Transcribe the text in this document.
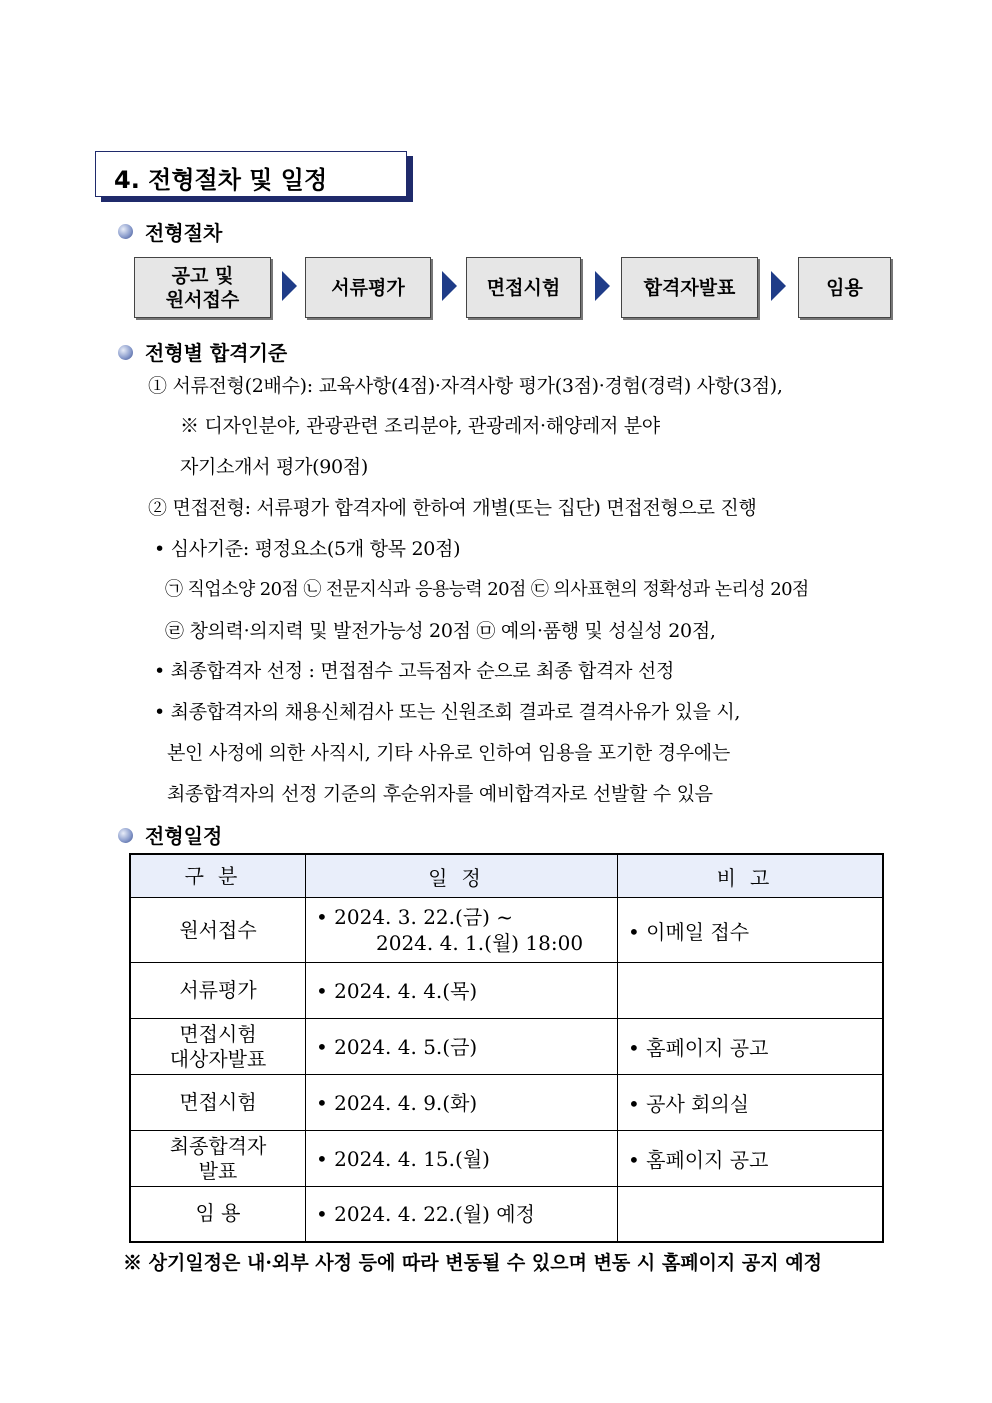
4. 전형절차 및 일정
전형절차
공고 및
원서접수
서류평가	면접시험	합격자발표	임용
전형별 합격기준
① 서류전형(2배수): 교육사항(4점)·자격사항 평가(3점)·경험(경력) 사항(3점),
※ 디자인분야, 관광관련 조리분야, 관광레저·해양레저 분야
자기소개서 평가(90점)
② 면접전형: 서류평가 합격자에 한하여 개별(또는 집단) 면접전형으로 진행
• 심사기준: 평정요소(5개 항목 20점)
㉠ 직업소양 20점 ㉡ 전문지식과 응용능력 20점 ㉢ 의사표현의 정확성과 논리성 20점
㉣ 창의력·의지력 및 발전가능성 20점 ㉤ 예의·품행 및 성실성 20점,
• 최종합격자 선정 : 면접점수 고득점자 순으로 최종 합격자 선정
• 최종합격자의 채용신체검사 또는 신원조회 결과로 결격사유가 있을 시,
본인 사정에 의한 사직시, 기타 사유로 인하여 임용을 포기한 경우에는
최종합격자의 선정 기준의 후순위자를 예비합격자로 선발할 수 있음
전형일정
구분	일정	비고

원서접수	• 2024. 3. 22.(금) ~
2024. 4. 1.(월) 18:00	• 이메일 접수

서류평가	• 2024. 4. 4.(목)	

면접시험
대상자발표	• 2024. 4. 5.(금)	• 홈페이지 공고

면접시험	• 2024. 4. 9.(화)	• 공사 회의실

최종합격자
발표	• 2024. 4. 15.(월)	• 홈페이지 공고

임 용	• 2024. 4. 22.(월) 예정	
※ 상기일정은 내·외부 사정 등에 따라 변동될 수 있으며 변동 시 홈페이지 공지 예정
